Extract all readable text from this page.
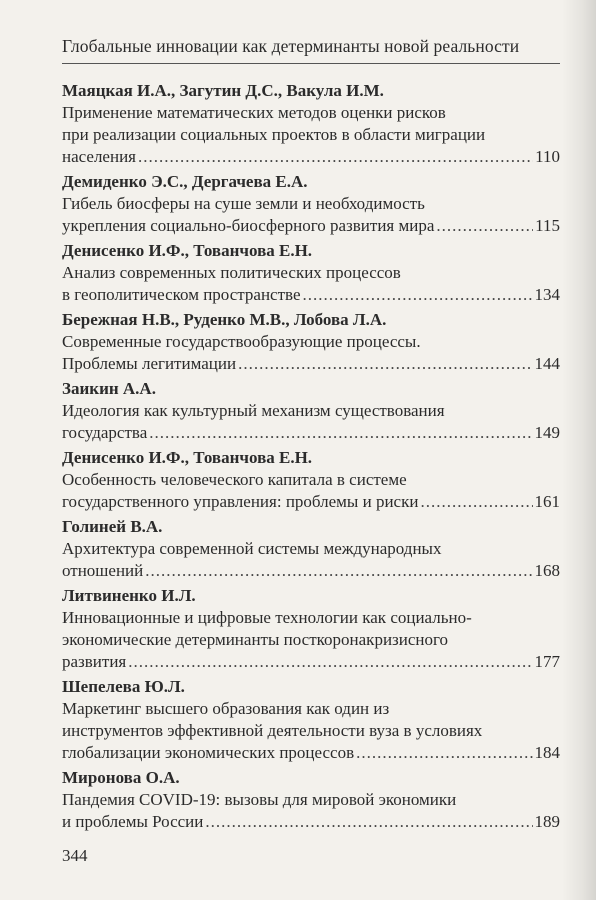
Глобальные инновации как детерминанты новой реальности
Маяцкая И.А., Загутин Д.С., Вакула И.М.
Применение математических методов оценки рисков
при реализации социальных проектов в области миграции
населения .....	110
Демиденко Э.С., Дергачева Е.А.
Гибель биосферы на суше земли и необходимость
укрепления социально-биосферного развития мира .....	115
Денисенко И.Ф., Тованчова Е.Н.
Анализ современных политических процессов
в геополитическом пространстве .....	134
Бережная Н.В., Руденко М.В., Лобова Л.А.
Современные государствообразующие процессы.
Проблемы легитимации .....	144
Заикин А.А.
Идеология как культурный механизм существования
государства .....	149
Денисенко И.Ф., Тованчова Е.Н.
Особенность человеческого капитала в системе
государственного управления: проблемы и риски .....	161
Голиней В.А.
Архитектура современной системы международных
отношений .....	168
Литвиненко И.Л.
Инновационные и цифровые технологии как социально-
экономические детерминанты посткоронакризисного
развития .....	177
Шепелева Ю.Л.
Маркетинг высшего образования как один из
инструментов эффективной деятельности вуза в условиях
глобализации экономических процессов .....	184
Миронова О.А.
Пандемия COVID-19: вызовы для мировой экономики
и проблемы России .....	189
344
